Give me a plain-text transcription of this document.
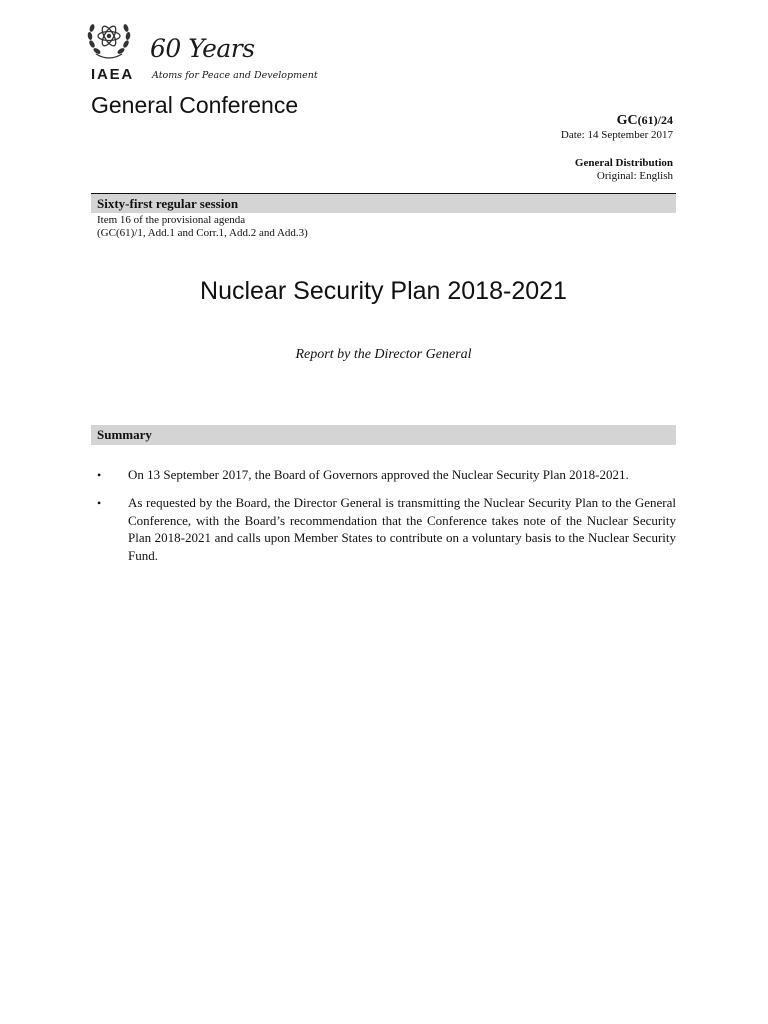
60 Years
IAEA Atoms for Peace and Development
General Conference
GC(61)/24
Date: 14 September 2017
General Distribution
Original: English
Sixty-first regular session
Item 16 of the provisional agenda
(GC(61)/1, Add.1 and Corr.1, Add.2 and Add.3)
Nuclear Security Plan 2018-2021
Report by the Director General
Summary
• On 13 September 2017, the Board of Governors approved the Nuclear Security Plan 2018-2021.
• As requested by the Board, the Director General is transmitting the Nuclear Security Plan to the General Conference, with the Board’s recommendation that the Conference takes note of the Nuclear Security Plan 2018-2021 and calls upon Member States to contribute on a voluntary basis to the Nuclear Security Fund.
